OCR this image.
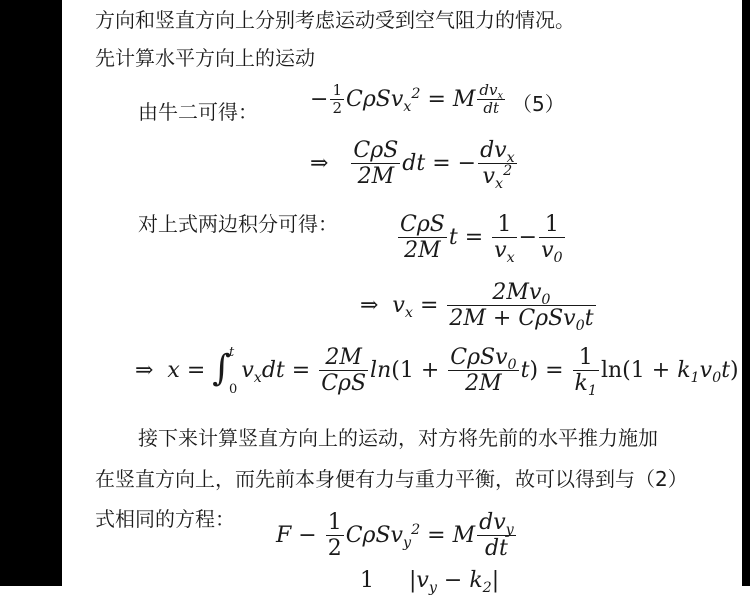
方向和竖直方向上分别考虑运动受到空气阻力的情况。
先计算水平方向上的运动
由牛二可得：
− $\frac{1}{2} C\rho Sv_x^2 = M \frac{dv_x}{dt} (5)$
⇒ $\frac{\text{CρS}}{2M}$ dt = − $\frac{dv_x}{v_x^2}$
对上式两边积分可得：	$\frac{\text{CρS}}{2M}$ $t = \frac{1}{v_x} - \frac{1}{v_0}$
⇒  $v_x = \frac{2Mv_0}{2M + C\rho Sv_0t}$
⇒  x = ∫
t
0
$v_xdt = \frac{2M}{\text{CρS}} \ln(1 + \frac{C\rho Sv_0}{2M} t) = \frac{1}{k_1} \ln(1 + k_1v_0t)$
接下来计算竖直方向上的运动，对方将先前的水平推力施加
在竖直方向上，而先前本身便有力与重力平衡，故可以得到与（2）
式相同的方程：
$F - \frac{1}{2} C\rho Sv_y^2 = M \frac{dv_y}{dt}$
1     $|v_y - k_2|$
